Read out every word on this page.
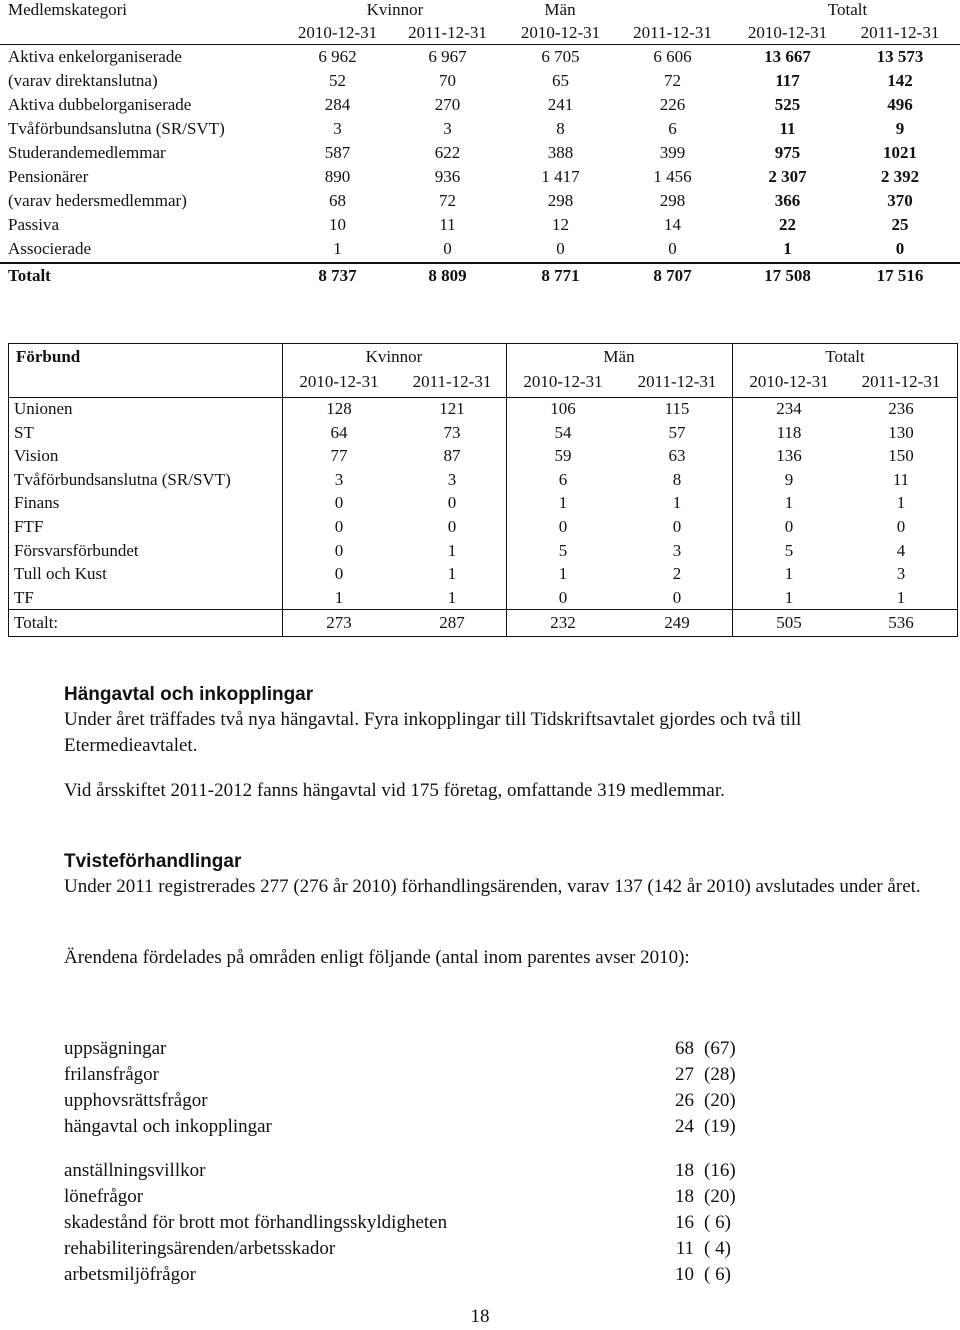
Medlemskategori	Kvinnor	Män	Totalt
2010-12-31	2011-12-31	2010-12-31	2011-12-31	2010-12-31	2011-12-31
Aktiva enkelorganiserade	6 962	6 967	6 705	6 606	13 667	13 573
(varav direktanslutna)	52	70	65	72	117	142
Aktiva dubbelorganiserade	284	270	241	226	525	496
Tvåförbundsanslutna (SR/SVT)	3	3	8	6	11	9
Studerandemedlemmar	587	622	388	399	975	1021
Pensionärer	890	936	1 417	1 456	2 307	2 392
(varav hedersmedlemmar)	68	72	298	298	366	370
Passiva	10	11	12	14	22	25
Associerade	1	0	0	0	1	0
Totalt	8 737	8 809	8 771	8 707	17 508	17 516
Förbund	Kvinnor	Män	Totalt
2010-12-31	2011-12-31	2010-12-31	2011-12-31	2010-12-31	2011-12-31
Unionen	128	121	106	115	234	236
ST	64	73	54	57	118	130
Vision	77	87	59	63	136	150
Tvåförbundsanslutna (SR/SVT)	3	3	6	8	9	11
Finans	0	0	1	1	1	1
FTF	0	0	0	0	0	0
Försvarsförbundet	0	1	5	3	5	4
Tull och Kust	0	1	1	2	1	3
TF	1	1	0	0	1	1
Totalt:	273	287	232	249	505	536
Hängavtal och inkopplingar
Under året träffades två nya hängavtal. Fyra inkopplingar till Tidskriftsavtalet gjordes och två till Etermedieavtalet.
Vid årsskiftet 2011-2012 fanns hängavtal vid 175 företag, omfattande 319 medlemmar.
Tvisteförhandlingar
Under 2011 registrerades 277 (276 år 2010) förhandlingsärenden, varav 137 (142 år 2010) avslutades under året.
Ärendena fördelades på områden enligt följande (antal inom parentes avser 2010):
uppsägningar	68 (67)
frilansfrågor	27 (28)
upphovsrättsfrågor	26 (20)
hängavtal och inkopplingar	24 (19)
anställningsvillkor	18 (16)
lönefrågor	18 (20)
skadestånd för brott mot förhandlingsskyldigheten	16 ( 6)
rehabiliteringsärenden/arbetsskador	11 ( 4)
arbetsmiljöfrågor	10 ( 6)
18
